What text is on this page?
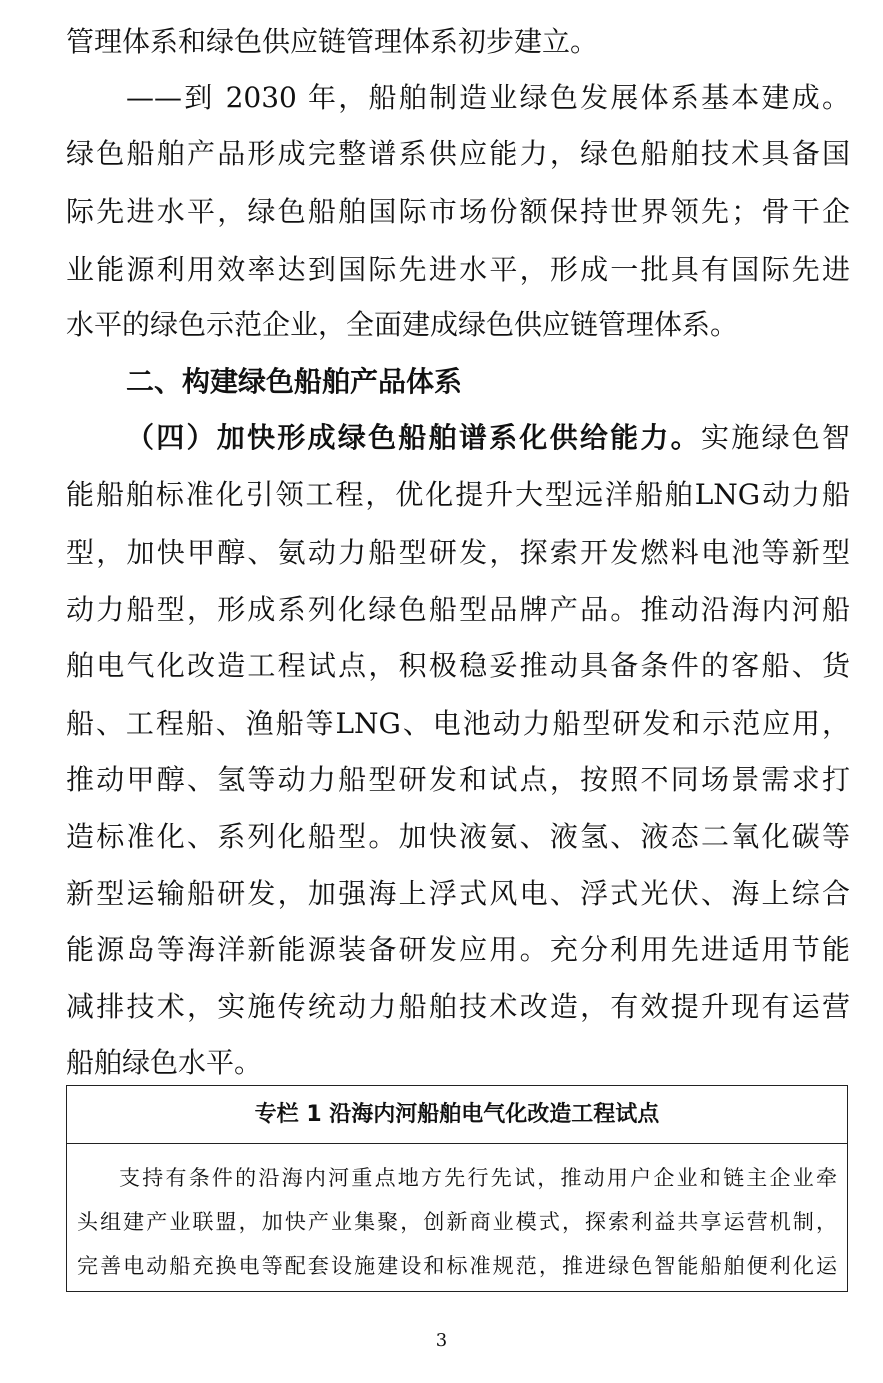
管理体系和绿色供应链管理体系初步建立。
——到 2030 年，船舶制造业绿色发展体系基本建成。
绿色船舶产品形成完整谱系供应能力，绿色船舶技术具备国
际先进水平，绿色船舶国际市场份额保持世界领先；骨干企
业能源利用效率达到国际先进水平，形成一批具有国际先进
水平的绿色示范企业，全面建成绿色供应链管理体系。
二、构建绿色船舶产品体系
（四）加快形成绿色船舶谱系化供给能力。实施绿色智
能船舶标准化引领工程，优化提升大型远洋船舶LNG动力船
型，加快甲醇、氨动力船型研发，探索开发燃料电池等新型
动力船型，形成系列化绿色船型品牌产品。推动沿海内河船
舶电气化改造工程试点，积极稳妥推动具备条件的客船、货
船、工程船、渔船等LNG、电池动力船型研发和示范应用，
推动甲醇、氢等动力船型研发和试点，按照不同场景需求打
造标准化、系列化船型。加快液氨、液氢、液态二氧化碳等
新型运输船研发，加强海上浮式风电、浮式光伏、海上综合
能源岛等海洋新能源装备研发应用。充分利用先进适用节能
减排技术，实施传统动力船舶技术改造，有效提升现有运营
船舶绿色水平。
专栏 1 沿海内河船舶电气化改造工程试点
支持有条件的沿海内河重点地方先行先试，推动用户企业和链主企业牵
头组建产业联盟，加快产业集聚，创新商业模式，探索利益共享运营机制，
完善电动船充换电等配套设施建设和标准规范，推进绿色智能船舶便利化运
3
